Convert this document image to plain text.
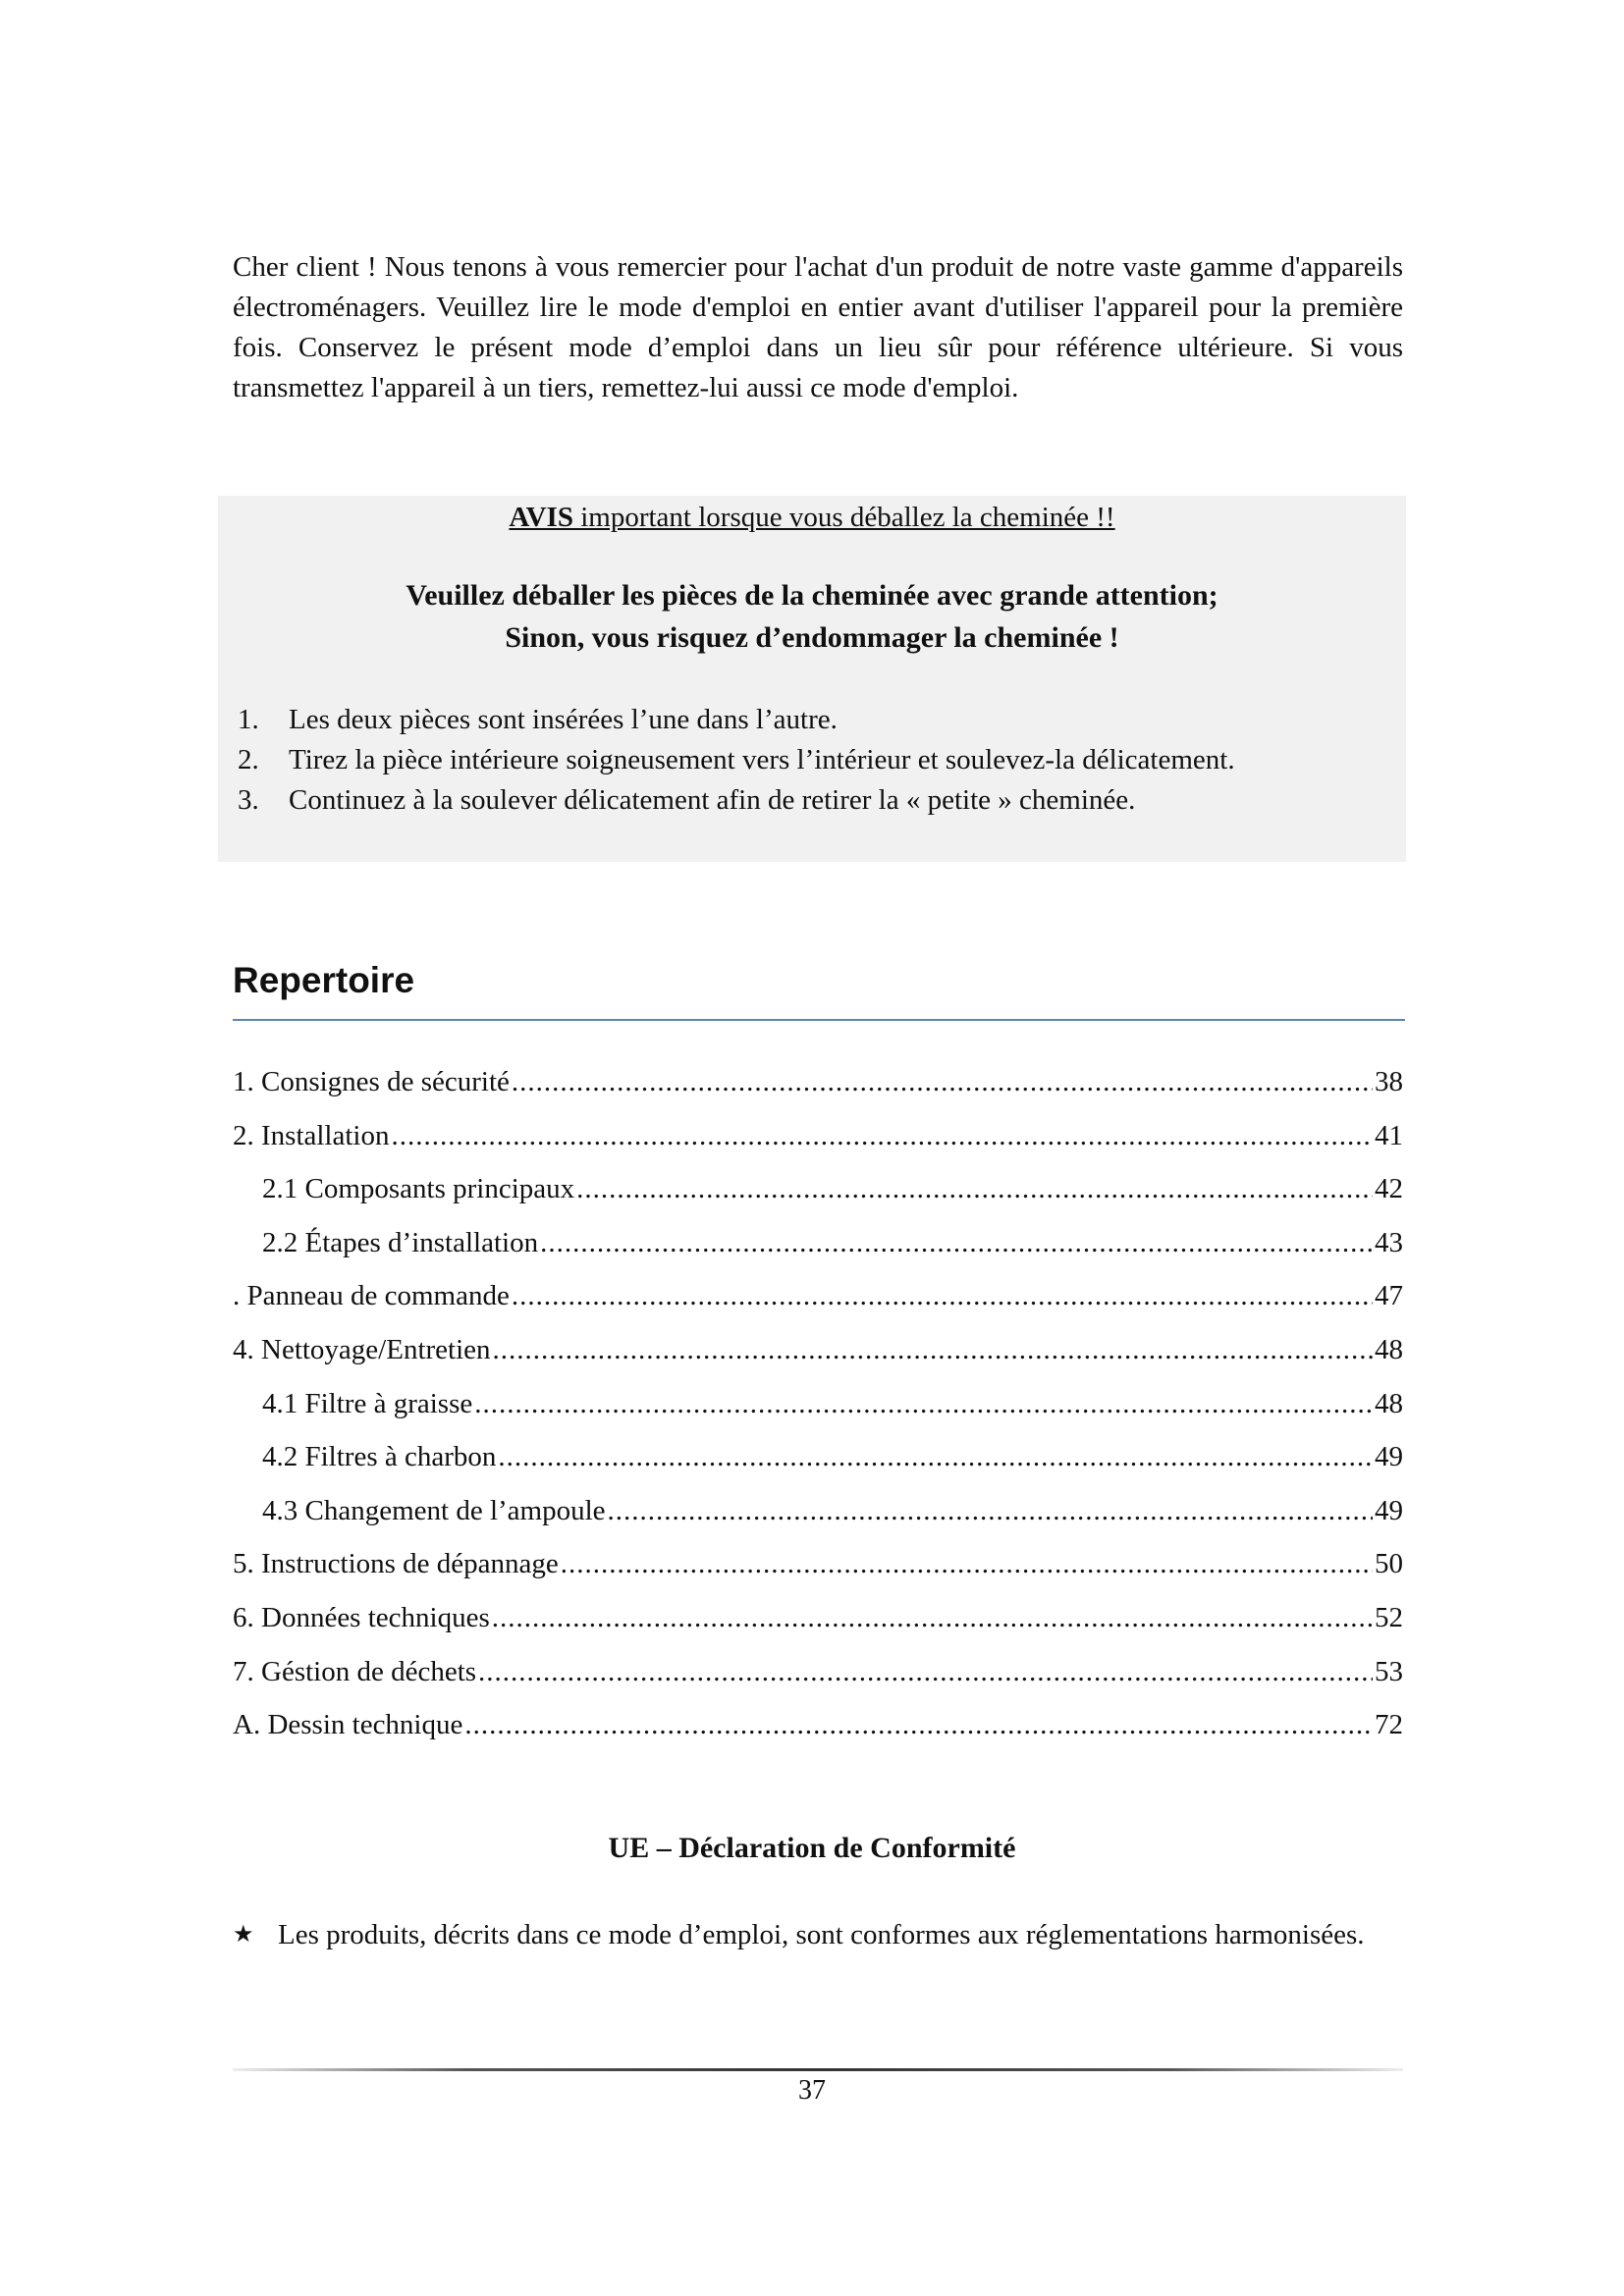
Cher client ! Nous tenons à vous remercier pour l'achat d'un produit de notre vaste gamme d'appareils électroménagers. Veuillez lire le mode d'emploi en entier avant d'utiliser l'appareil pour la première fois. Conservez le présent mode d’emploi dans un lieu sûr pour référence ultérieure. Si vous transmettez l'appareil à un tiers, remettez-lui aussi ce mode d'emploi.

AVIS important lorsque vous déballez la cheminée !!
Veuillez déballer les pièces de la cheminée avec grande attention;
Sinon, vous risquez d’endommager la cheminée !
1.	Les deux pièces sont insérées l’une dans l’autre.
2.	Tirez la pièce intérieure soigneusement vers l’intérieur et soulevez-la délicatement.
3.	Continuez à la soulever délicatement afin de retirer la « petite » cheminée.
Repertoire
1. Consignes de sécurité .....	38
2. Installation .....	41
2.1 Composants principaux .....	42
2.2 Étapes d’installation .....	43
. Panneau de commande .....	47
4. Nettoyage/Entretien .....	48
4.1 Filtre à graisse .....	48
4.2 Filtres à charbon .....	49
4.3 Changement de l’ampoule .....	49
5. Instructions de dépannage .....	50
6. Données techniques .....	52
7. Géstion de déchets .....	53
A. Dessin technique .....	72
UE – Déclaration de Conformité
★ Les produits, décrits dans ce mode d’emploi, sont conformes aux réglementations harmonisées.
37
